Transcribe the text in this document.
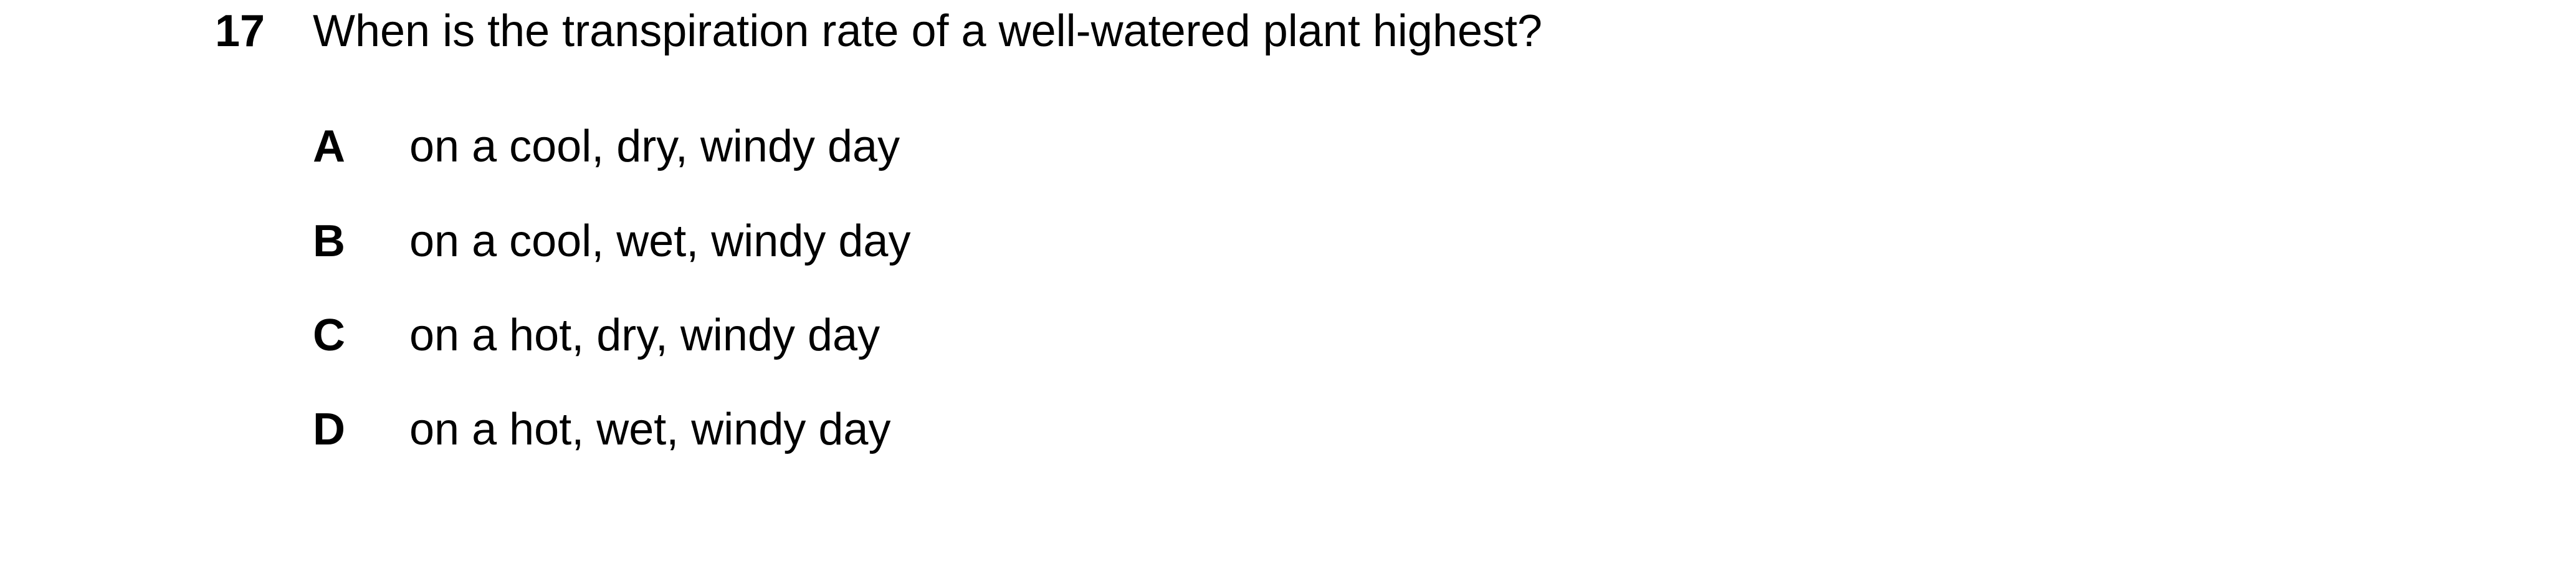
17 When is the transpiration rate of a well-watered plant highest?
A on a cool, dry, windy day
B on a cool, wet, windy day
C on a hot, dry, windy day
D on a hot, wet, windy day
